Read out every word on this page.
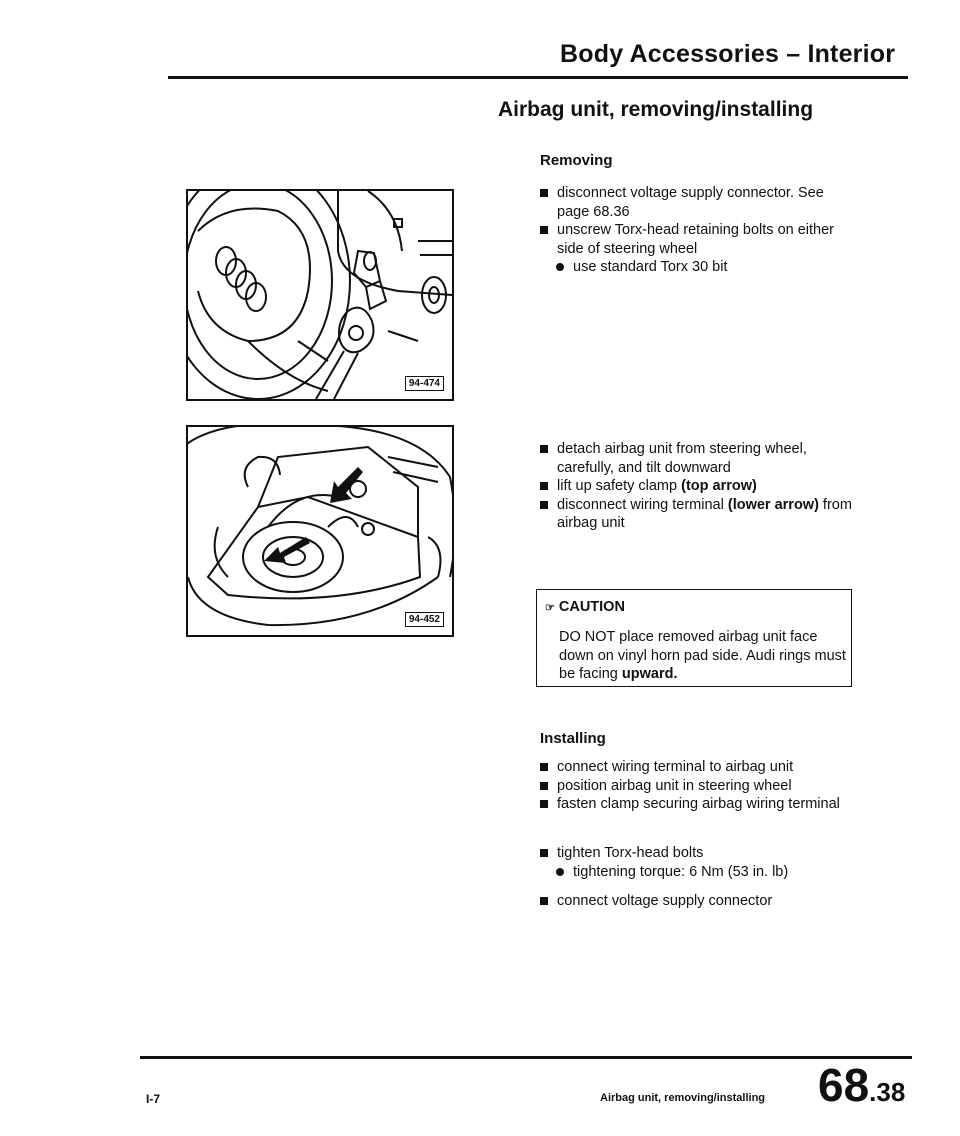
Body Accessories – Interior
Airbag unit, removing/installing
Removing

disconnect voltage supply connector. See page 68.36

unscrew Torx-head retaining bolts on either side of steering wheel

use standard Torx 30 bit

detach airbag unit from steering wheel, carefully, and tilt downward

lift up safety clamp (top arrow)

disconnect wiring terminal (lower arrow) from airbag unit

☞ CAUTION
DO NOT place removed airbag unit face down on vinyl horn pad side. Audi rings must be facing upward.
Installing

connect wiring terminal to airbag unit

position airbag unit in steering wheel

fasten clamp securing airbag wiring terminal

tighten Torx-head bolts

tightening torque: 6 Nm (53 in. lb)

connect voltage supply connector

94-474
94-452
I-7	Airbag unit, removing/installing 68.38
